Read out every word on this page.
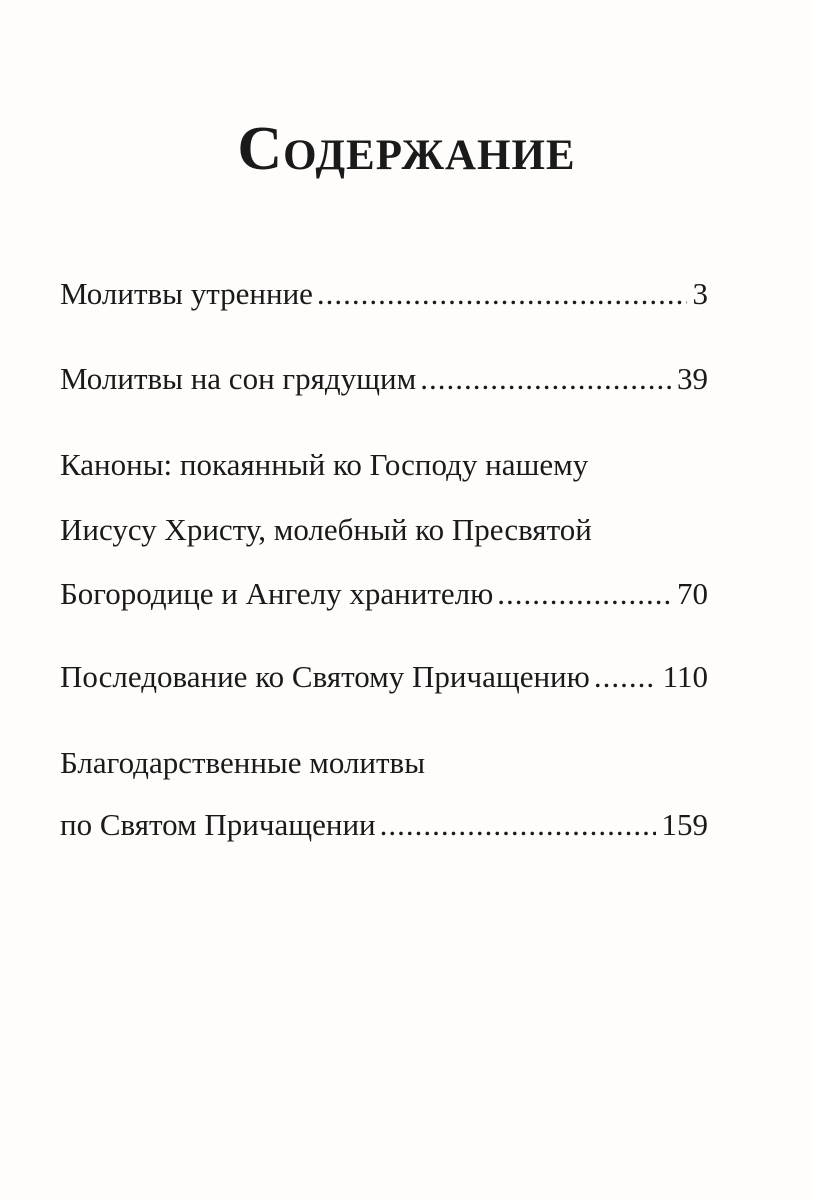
Содержание
Молитвы утренние .....	3
Молитвы на сон грядущим .....	39
Каноны: покаянный ко Господу нашему
Иисусу Христу, молебный ко Пресвятой
Богородице и Ангелу хранителю .....	70
Последование ко Святому Причащению ..... 110
Благодарственные молитвы
по Святом Причащении .....	159
